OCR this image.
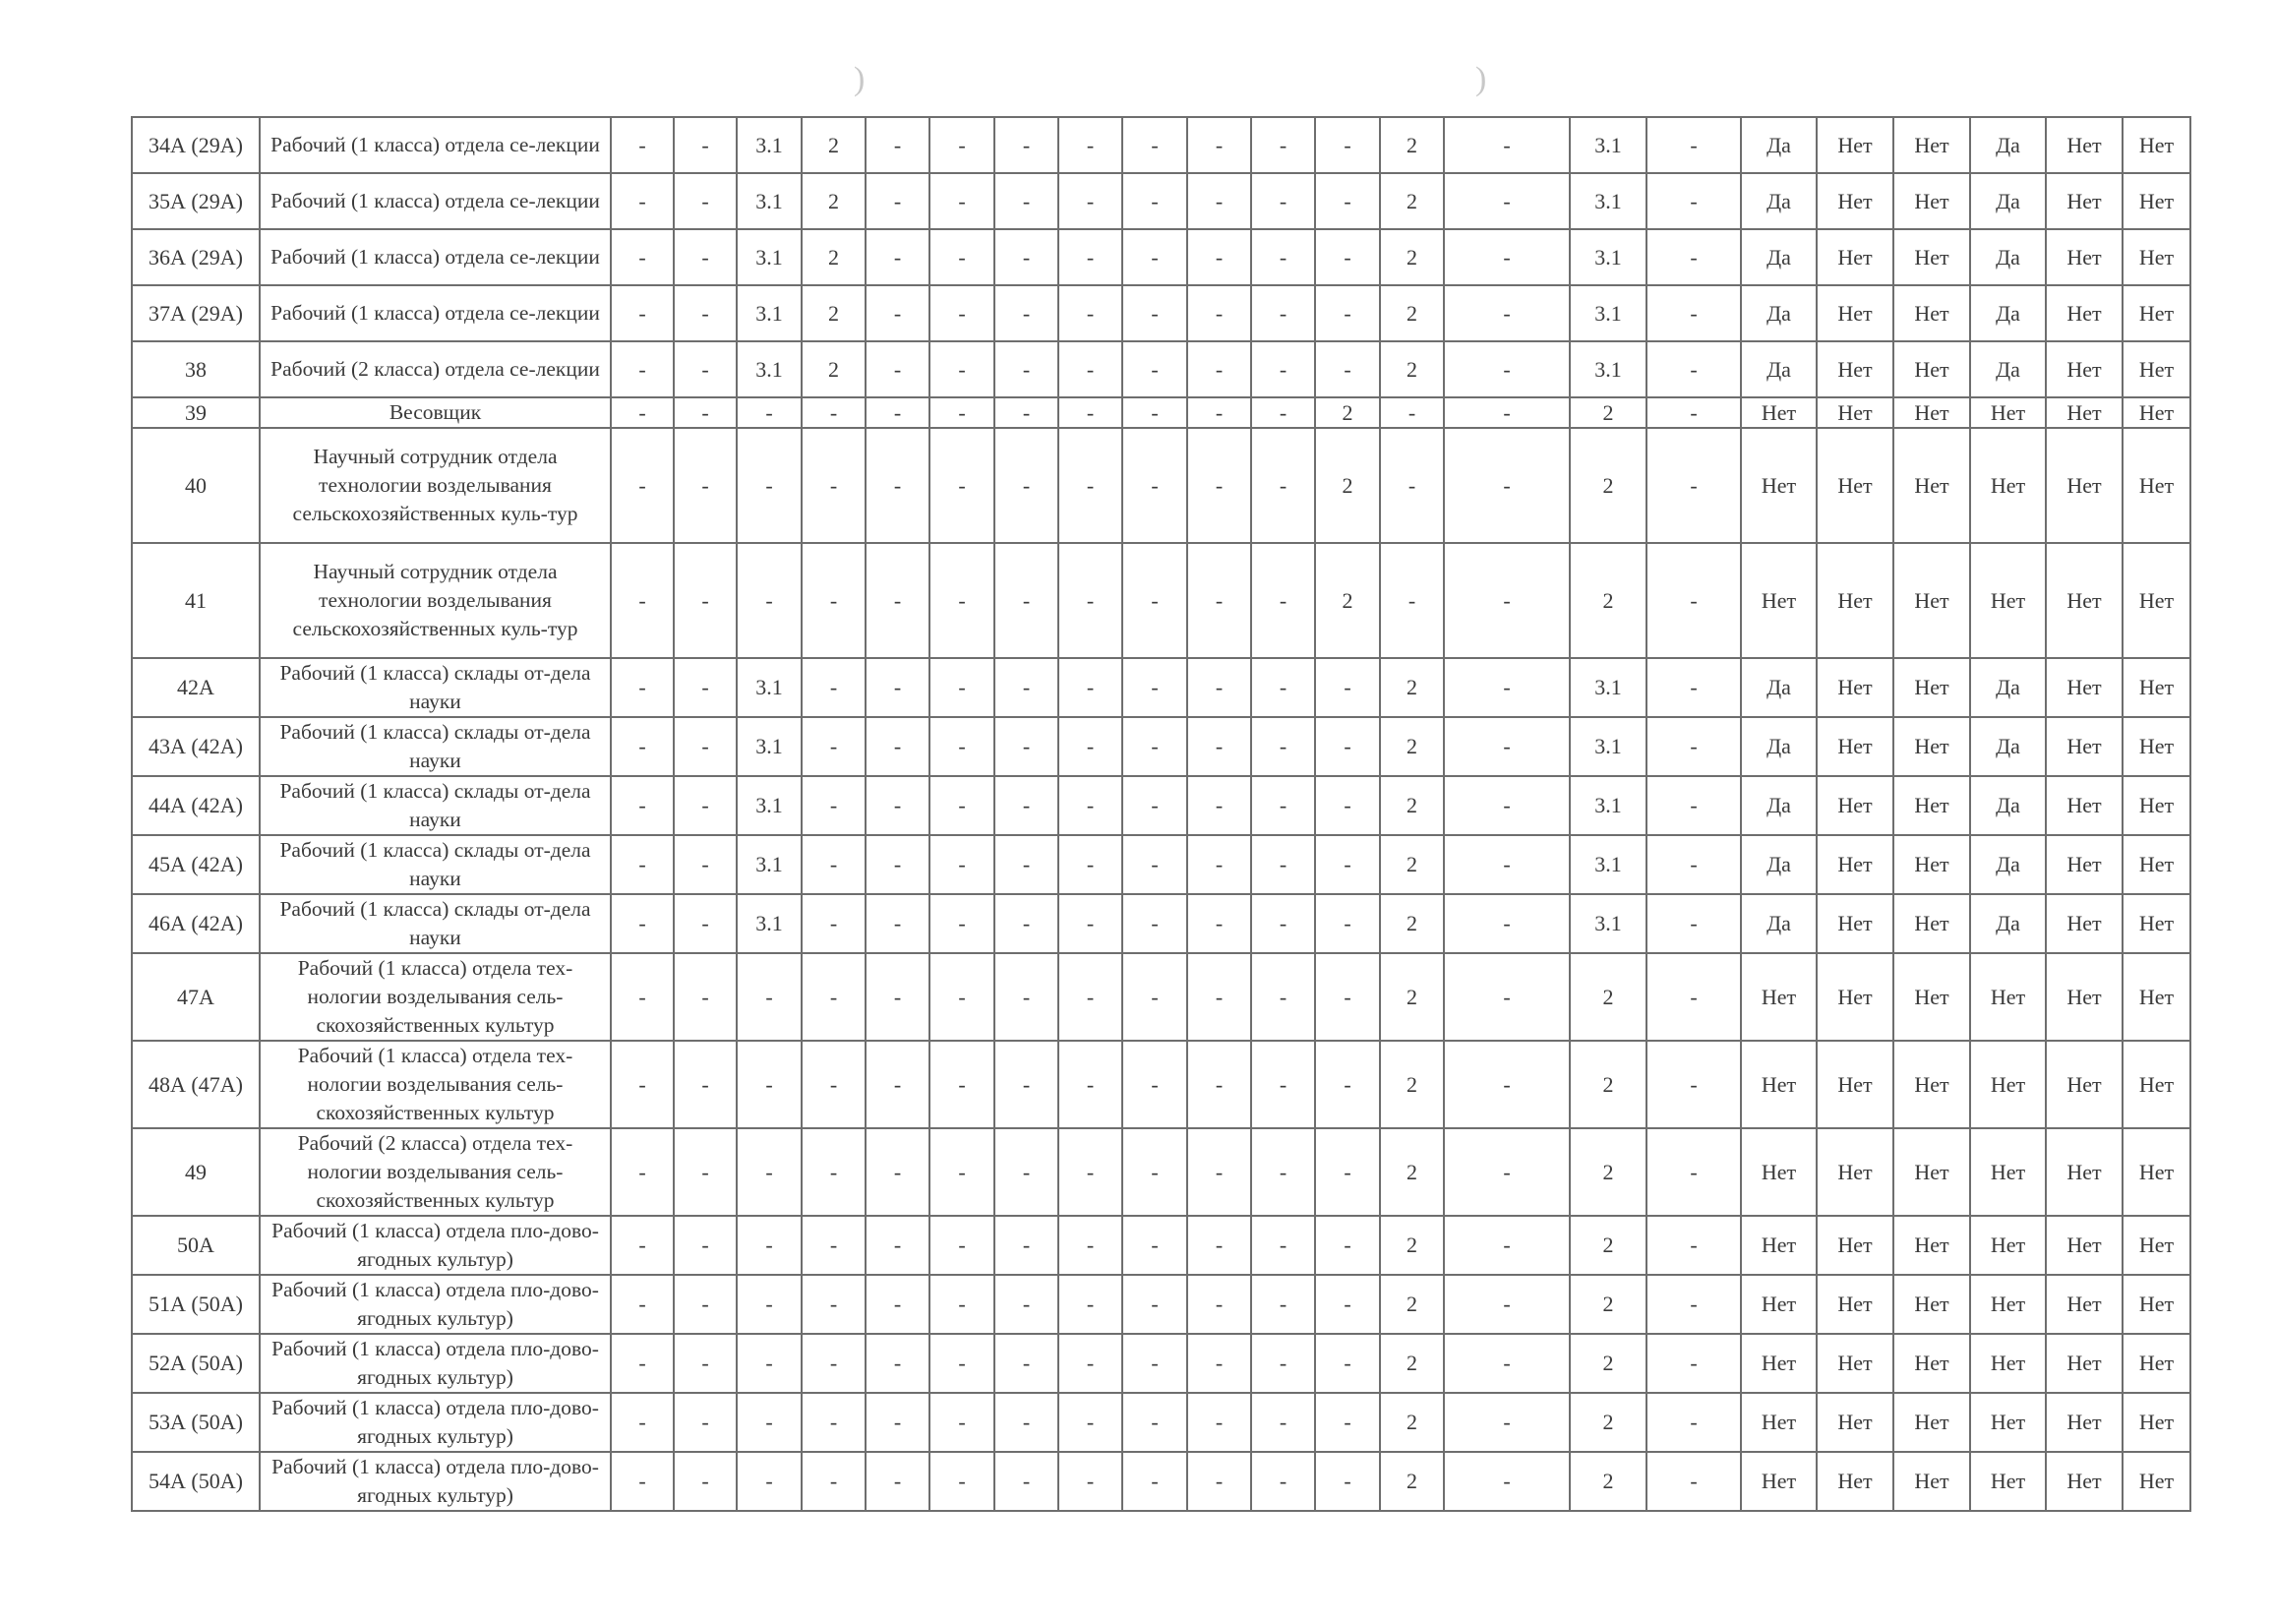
)	)
34А (29А)	Рабочий (1 класса) отдела се-лекции	-	-	3.1	2	-	-	-	-	-	-	-	-	2	-	3.1	-	Да	Нет	Нет	Да	Нет	Нет
35А (29А)	Рабочий (1 класса) отдела се-лекции	-	-	3.1	2	-	-	-	-	-	-	-	-	2	-	3.1	-	Да	Нет	Нет	Да	Нет	Нет
36А (29А)	Рабочий (1 класса) отдела се-лекции	-	-	3.1	2	-	-	-	-	-	-	-	-	2	-	3.1	-	Да	Нет	Нет	Да	Нет	Нет
37А (29А)	Рабочий (1 класса) отдела се-лекции	-	-	3.1	2	-	-	-	-	-	-	-	-	2	-	3.1	-	Да	Нет	Нет	Да	Нет	Нет
38	Рабочий (2 класса) отдела се-лекции	-	-	3.1	2	-	-	-	-	-	-	-	-	2	-	3.1	-	Да	Нет	Нет	Да	Нет	Нет
39	Весовщик	-	-	-	-	-	-	-	-	-	-	-	2	-	-	2	-	Нет	Нет	Нет	Нет	Нет	Нет
40	Научный сотрудник отдела технологии возделывания сельскохозяйственных куль-тур	-	-	-	-	-	-	-	-	-	-	-	2	-	-	2	-	Нет	Нет	Нет	Нет	Нет	Нет
41	Научный сотрудник отдела технологии возделывания сельскохозяйственных куль-тур	-	-	-	-	-	-	-	-	-	-	-	2	-	-	2	-	Нет	Нет	Нет	Нет	Нет	Нет
42А	Рабочий (1 класса) склады от-дела науки	-	-	3.1	-	-	-	-	-	-	-	-	-	2	-	3.1	-	Да	Нет	Нет	Да	Нет	Нет
43А (42А)	Рабочий (1 класса) склады от-дела науки	-	-	3.1	-	-	-	-	-	-	-	-	-	2	-	3.1	-	Да	Нет	Нет	Да	Нет	Нет
44А (42А)	Рабочий (1 класса) склады от-дела науки	-	-	3.1	-	-	-	-	-	-	-	-	-	2	-	3.1	-	Да	Нет	Нет	Да	Нет	Нет
45А (42А)	Рабочий (1 класса) склады от-дела науки	-	-	3.1	-	-	-	-	-	-	-	-	-	2	-	3.1	-	Да	Нет	Нет	Да	Нет	Нет
46А (42А)	Рабочий (1 класса) склады от-дела науки	-	-	3.1	-	-	-	-	-	-	-	-	-	2	-	3.1	-	Да	Нет	Нет	Да	Нет	Нет
47А	Рабочий (1 класса) отдела тех-нологии возделывания сель-скохозяйственных культур	-	-	-	-	-	-	-	-	-	-	-	-	2	-	2	-	Нет	Нет	Нет	Нет	Нет	Нет
48А (47А)	Рабочий (1 класса) отдела тех-нологии возделывания сель-скохозяйственных культур	-	-	-	-	-	-	-	-	-	-	-	-	2	-	2	-	Нет	Нет	Нет	Нет	Нет	Нет
49	Рабочий (2 класса) отдела тех-нологии возделывания сель-скохозяйственных культур	-	-	-	-	-	-	-	-	-	-	-	-	2	-	2	-	Нет	Нет	Нет	Нет	Нет	Нет
50А	Рабочий (1 класса) отдела пло-дово-ягодных культур)	-	-	-	-	-	-	-	-	-	-	-	-	2	-	2	-	Нет	Нет	Нет	Нет	Нет	Нет
51А (50А)	Рабочий (1 класса) отдела пло-дово-ягодных культур)	-	-	-	-	-	-	-	-	-	-	-	-	2	-	2	-	Нет	Нет	Нет	Нет	Нет	Нет
52А (50А)	Рабочий (1 класса) отдела пло-дово-ягодных культур)	-	-	-	-	-	-	-	-	-	-	-	-	2	-	2	-	Нет	Нет	Нет	Нет	Нет	Нет
53А (50А)	Рабочий (1 класса) отдела пло-дово-ягодных культур)	-	-	-	-	-	-	-	-	-	-	-	-	2	-	2	-	Нет	Нет	Нет	Нет	Нет	Нет
54А (50А)	Рабочий (1 класса) отдела пло-дово-ягодных культур)	-	-	-	-	-	-	-	-	-	-	-	-	2	-	2	-	Нет	Нет	Нет	Нет	Нет	Нет
